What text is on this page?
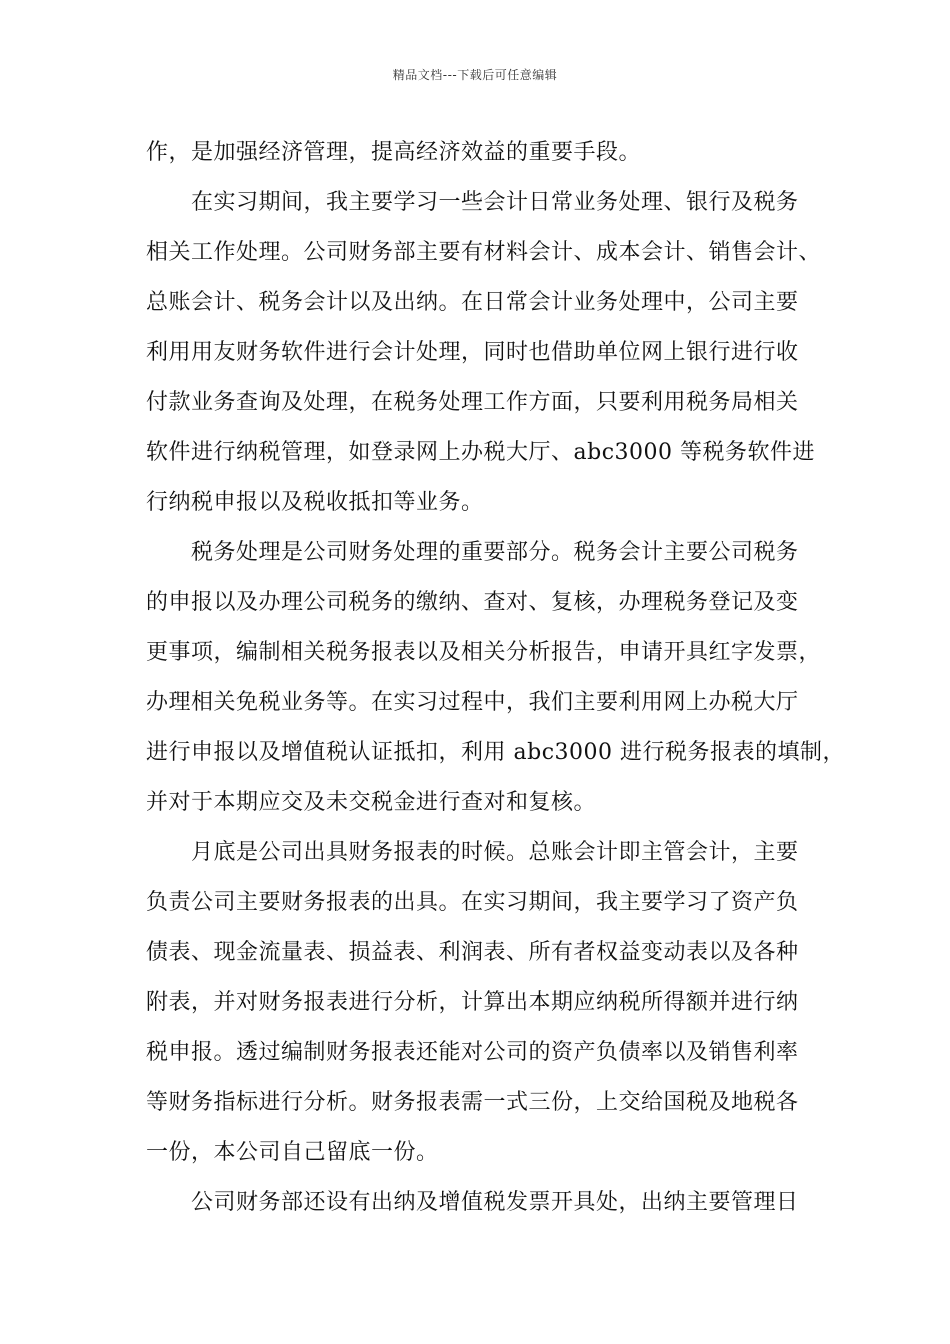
精品文档---下载后可任意编辑
作，是加强经济管理，提高经济效益的重要手段。
　　在实习期间，我主要学习一些会计日常业务处理、银行及税务
相关工作处理。公司财务部主要有材料会计、成本会计、销售会计、
总账会计、税务会计以及出纳。在日常会计业务处理中，公司主要
利用用友财务软件进行会计处理，同时也借助单位网上银行进行收
付款业务查询及处理，在税务处理工作方面，只要利用税务局相关
软件进行纳税管理，如登录网上办税大厅、abc3000 等税务软件进
行纳税申报以及税收抵扣等业务。
　　税务处理是公司财务处理的重要部分。税务会计主要公司税务
的申报以及办理公司税务的缴纳、查对、复核，办理税务登记及变
更事项，编制相关税务报表以及相关分析报告，申请开具红字发票，
办理相关免税业务等。在实习过程中，我们主要利用网上办税大厅
进行申报以及增值税认证抵扣，利用 abc3000 进行税务报表的填制，
并对于本期应交及未交税金进行查对和复核。
　　月底是公司出具财务报表的时候。总账会计即主管会计，主要
负责公司主要财务报表的出具。在实习期间，我主要学习了资产负
债表、现金流量表、损益表、利润表、所有者权益变动表以及各种
附表，并对财务报表进行分析，计算出本期应纳税所得额并进行纳
税申报。透过编制财务报表还能对公司的资产负债率以及销售利率
等财务指标进行分析。财务报表需一式三份，上交给国税及地税各
一份，本公司自己留底一份。
　　公司财务部还设有出纳及增值税发票开具处，出纳主要管理日
